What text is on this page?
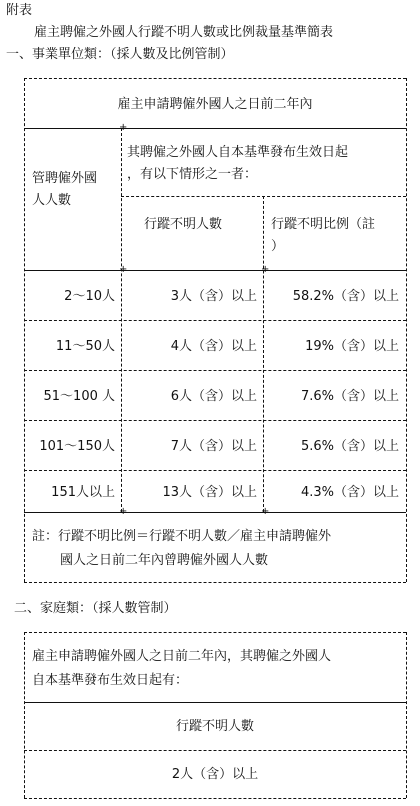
附表
雇主聘僱之外國人行蹤不明人數或比例裁量基準簡表
一、事業單位類：（採人數及比例管制）
+
+	+
+	+
雇主申請聘僱外國人之日前二年內
管聘僱外國
人人數
其聘僱之外國人自本基準發布生效日起
，有以下情形之一者：
行蹤不明人數	行蹤不明比例（註
）
2～10人	3人（含）以上	58.2%（含）以上
11～50人	4人（含）以上	19%（含）以上
51～100 人	6人（含）以上	7.6%（含）以上
101～150人	7人（含）以上	5.6%（含）以上
151人以上	13人（含）以上	4.3%（含）以上
註：行蹤不明比例＝行蹤不明人數／雇主申請聘僱外
國人之日前二年內曾聘僱外國人人數
二、家庭類：（採人數管制）
雇主申請聘僱外國人之日前二年內，其聘僱之外國人
自本基準發布生效日起有：
行蹤不明人數
2人（含）以上
